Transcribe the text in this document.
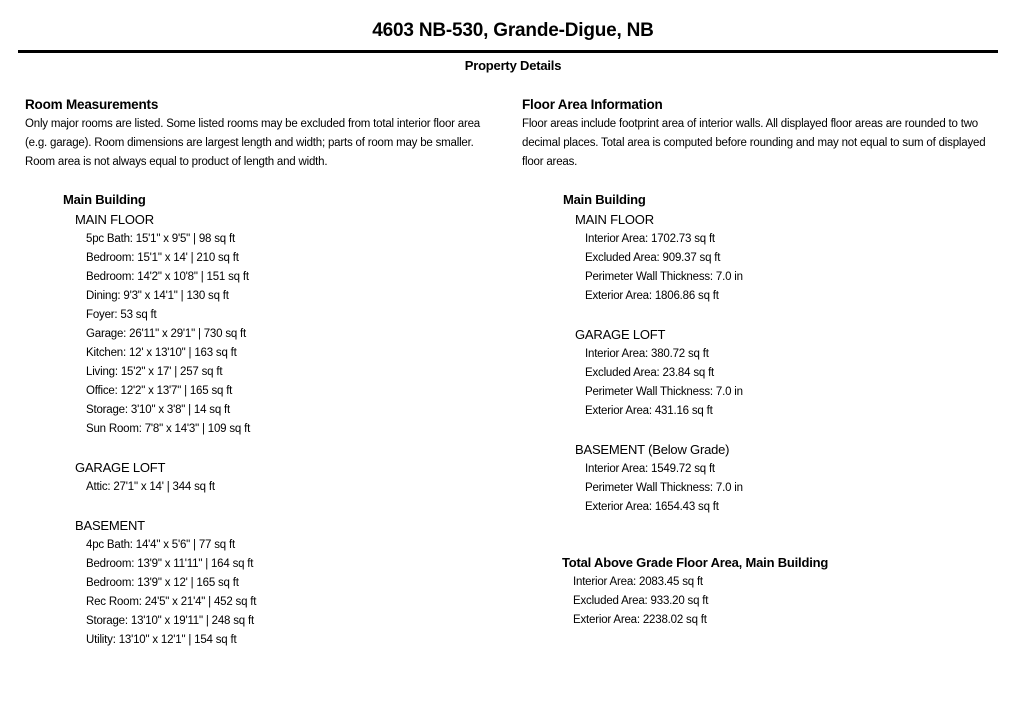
4603 NB-530, Grande-Digue, NB
Property Details
Room Measurements
Only major rooms are listed. Some listed rooms may be excluded from total interior floor area
(e.g. garage). Room dimensions are largest length and width; parts of room may be smaller.
Room area is not always equal to product of length and width.
Main Building
MAIN FLOOR
5pc Bath: 15'1" x 9'5" | 98 sq ft
Bedroom: 15'1" x 14' | 210 sq ft
Bedroom: 14'2" x 10'8" | 151 sq ft
Dining: 9'3" x 14'1" | 130 sq ft
Foyer: 53 sq ft
Garage: 26'11" x 29'1" | 730 sq ft
Kitchen: 12' x 13'10" | 163 sq ft
Living: 15'2" x 17' | 257 sq ft
Office: 12'2" x 13'7" | 165 sq ft
Storage: 3'10" x 3'8" | 14 sq ft
Sun Room: 7'8" x 14'3" | 109 sq ft
GARAGE LOFT
Attic: 27'1" x 14' | 344 sq ft
BASEMENT
4pc Bath: 14'4" x 5'6" | 77 sq ft
Bedroom: 13'9" x 11'11" | 164 sq ft
Bedroom: 13'9" x 12' | 165 sq ft
Rec Room: 24'5" x 21'4" | 452 sq ft
Storage: 13'10" x 19'11" | 248 sq ft
Utility: 13'10" x 12'1" | 154 sq ft
Floor Area Information
Floor areas include footprint area of interior walls. All displayed floor areas are rounded to two
decimal places. Total area is computed before rounding and may not equal to sum of displayed
floor areas.
Main Building
MAIN FLOOR
Interior Area: 1702.73 sq ft
Excluded Area: 909.37 sq ft
Perimeter Wall Thickness: 7.0 in
Exterior Area: 1806.86 sq ft
GARAGE LOFT
Interior Area: 380.72 sq ft
Excluded Area: 23.84 sq ft
Perimeter Wall Thickness: 7.0 in
Exterior Area: 431.16 sq ft
BASEMENT (Below Grade)
Interior Area: 1549.72 sq ft
Perimeter Wall Thickness: 7.0 in
Exterior Area: 1654.43 sq ft
Total Above Grade Floor Area, Main Building
Interior Area: 2083.45 sq ft
Excluded Area: 933.20 sq ft
Exterior Area: 2238.02 sq ft
